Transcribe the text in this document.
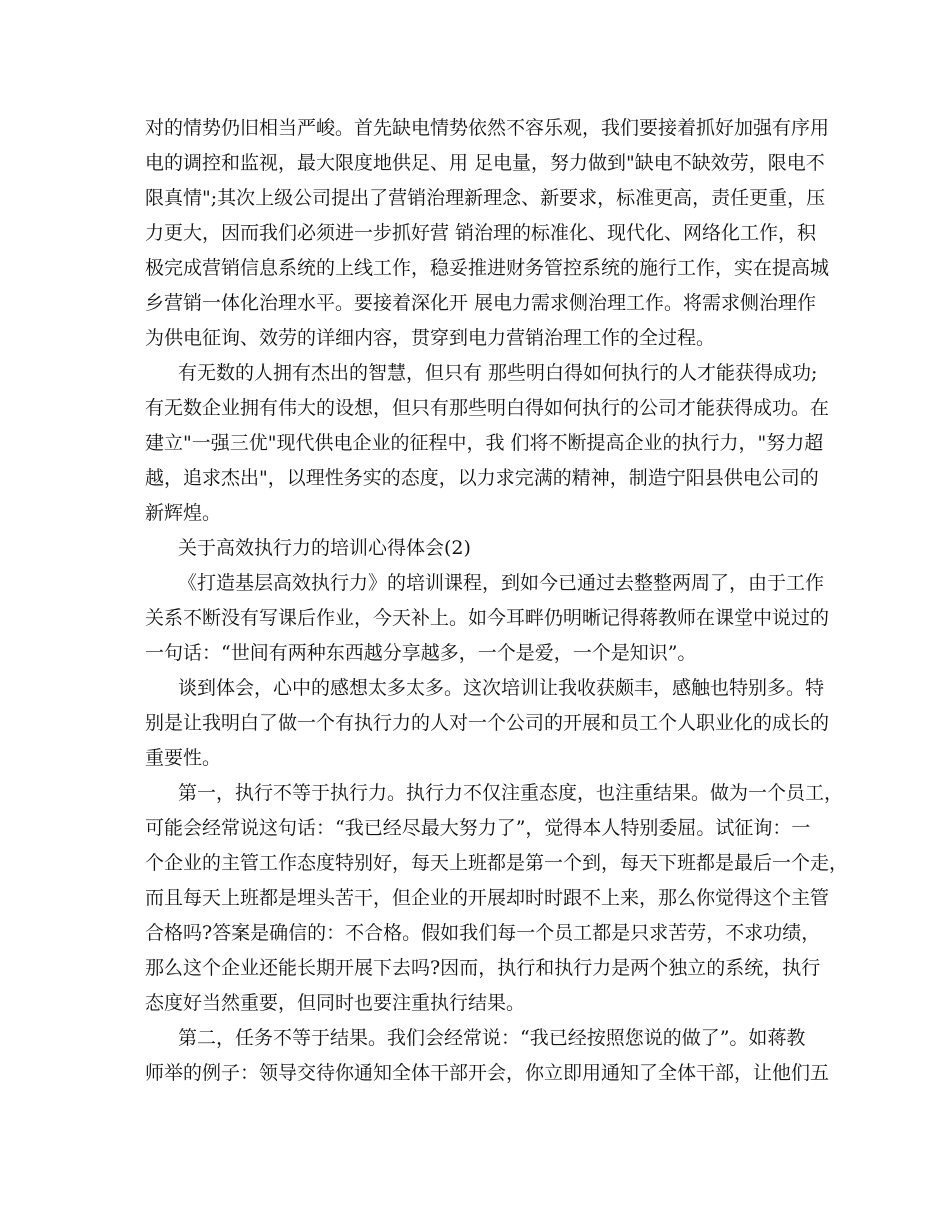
对的情势仍旧相当严峻。首先缺电情势依然不容乐观，我们要接着抓好加强有序用
电的调控和监视，最大限度地供足、用 足电量，努力做到"缺电不缺效劳，限电不
限真情";其次上级公司提出了营销治理新理念、新要求，标准更高，责任更重，压
力更大，因而我们必须进一步抓好营 销治理的标准化、现代化、网络化工作，积
极完成营销信息系统的上线工作，稳妥推进财务管控系统的施行工作，实在提高城
乡营销一体化治理水平。要接着深化开 展电力需求侧治理工作。将需求侧治理作
为供电征询、效劳的详细内容，贯穿到电力营销治理工作的全过程。
有无数的人拥有杰出的智慧，但只有 那些明白得如何执行的人才能获得成功;
有无数企业拥有伟大的设想，但只有那些明白得如何执行的公司才能获得成功。在
建立"一强三优"现代供电企业的征程中，我 们将不断提高企业的执行力，"努力超
越，追求杰出"，以理性务实的态度，以力求完满的精神，制造宁阳县供电公司的
新辉煌。
关于高效执行力的培训心得体会(2)
《打造基层高效执行力》的培训课程，到如今已通过去整整两周了，由于工作
关系不断没有写课后作业，今天补上。如今耳畔仍明晰记得蒋教师在课堂中说过的
一句话：“世间有两种东西越分享越多，一个是爱，一个是知识”。
谈到体会，心中的感想太多太多。这次培训让我收获颇丰，感触也特别多。特
别是让我明白了做一个有执行力的人对一个公司的开展和员工个人职业化的成长的
重要性。
第一，执行不等于执行力。执行力不仅注重态度，也注重结果。做为一个员工，
可能会经常说这句话：“我已经尽最大努力了”，觉得本人特别委屈。试征询：一
个企业的主管工作态度特别好，每天上班都是第一个到，每天下班都是最后一个走，
而且每天上班都是埋头苦干，但企业的开展却时时跟不上来，那么你觉得这个主管
合格吗?答案是确信的：不合格。假如我们每一个员工都是只求苦劳，不求功绩，
那么这个企业还能长期开展下去吗?因而，执行和执行力是两个独立的系统，执行
态度好当然重要，但同时也要注重执行结果。
第二，任务不等于结果。我们会经常说：“我已经按照您说的做了”。如蒋教
师举的例子：领导交待你通知全体干部开会，你立即用通知了全体干部，让他们五
